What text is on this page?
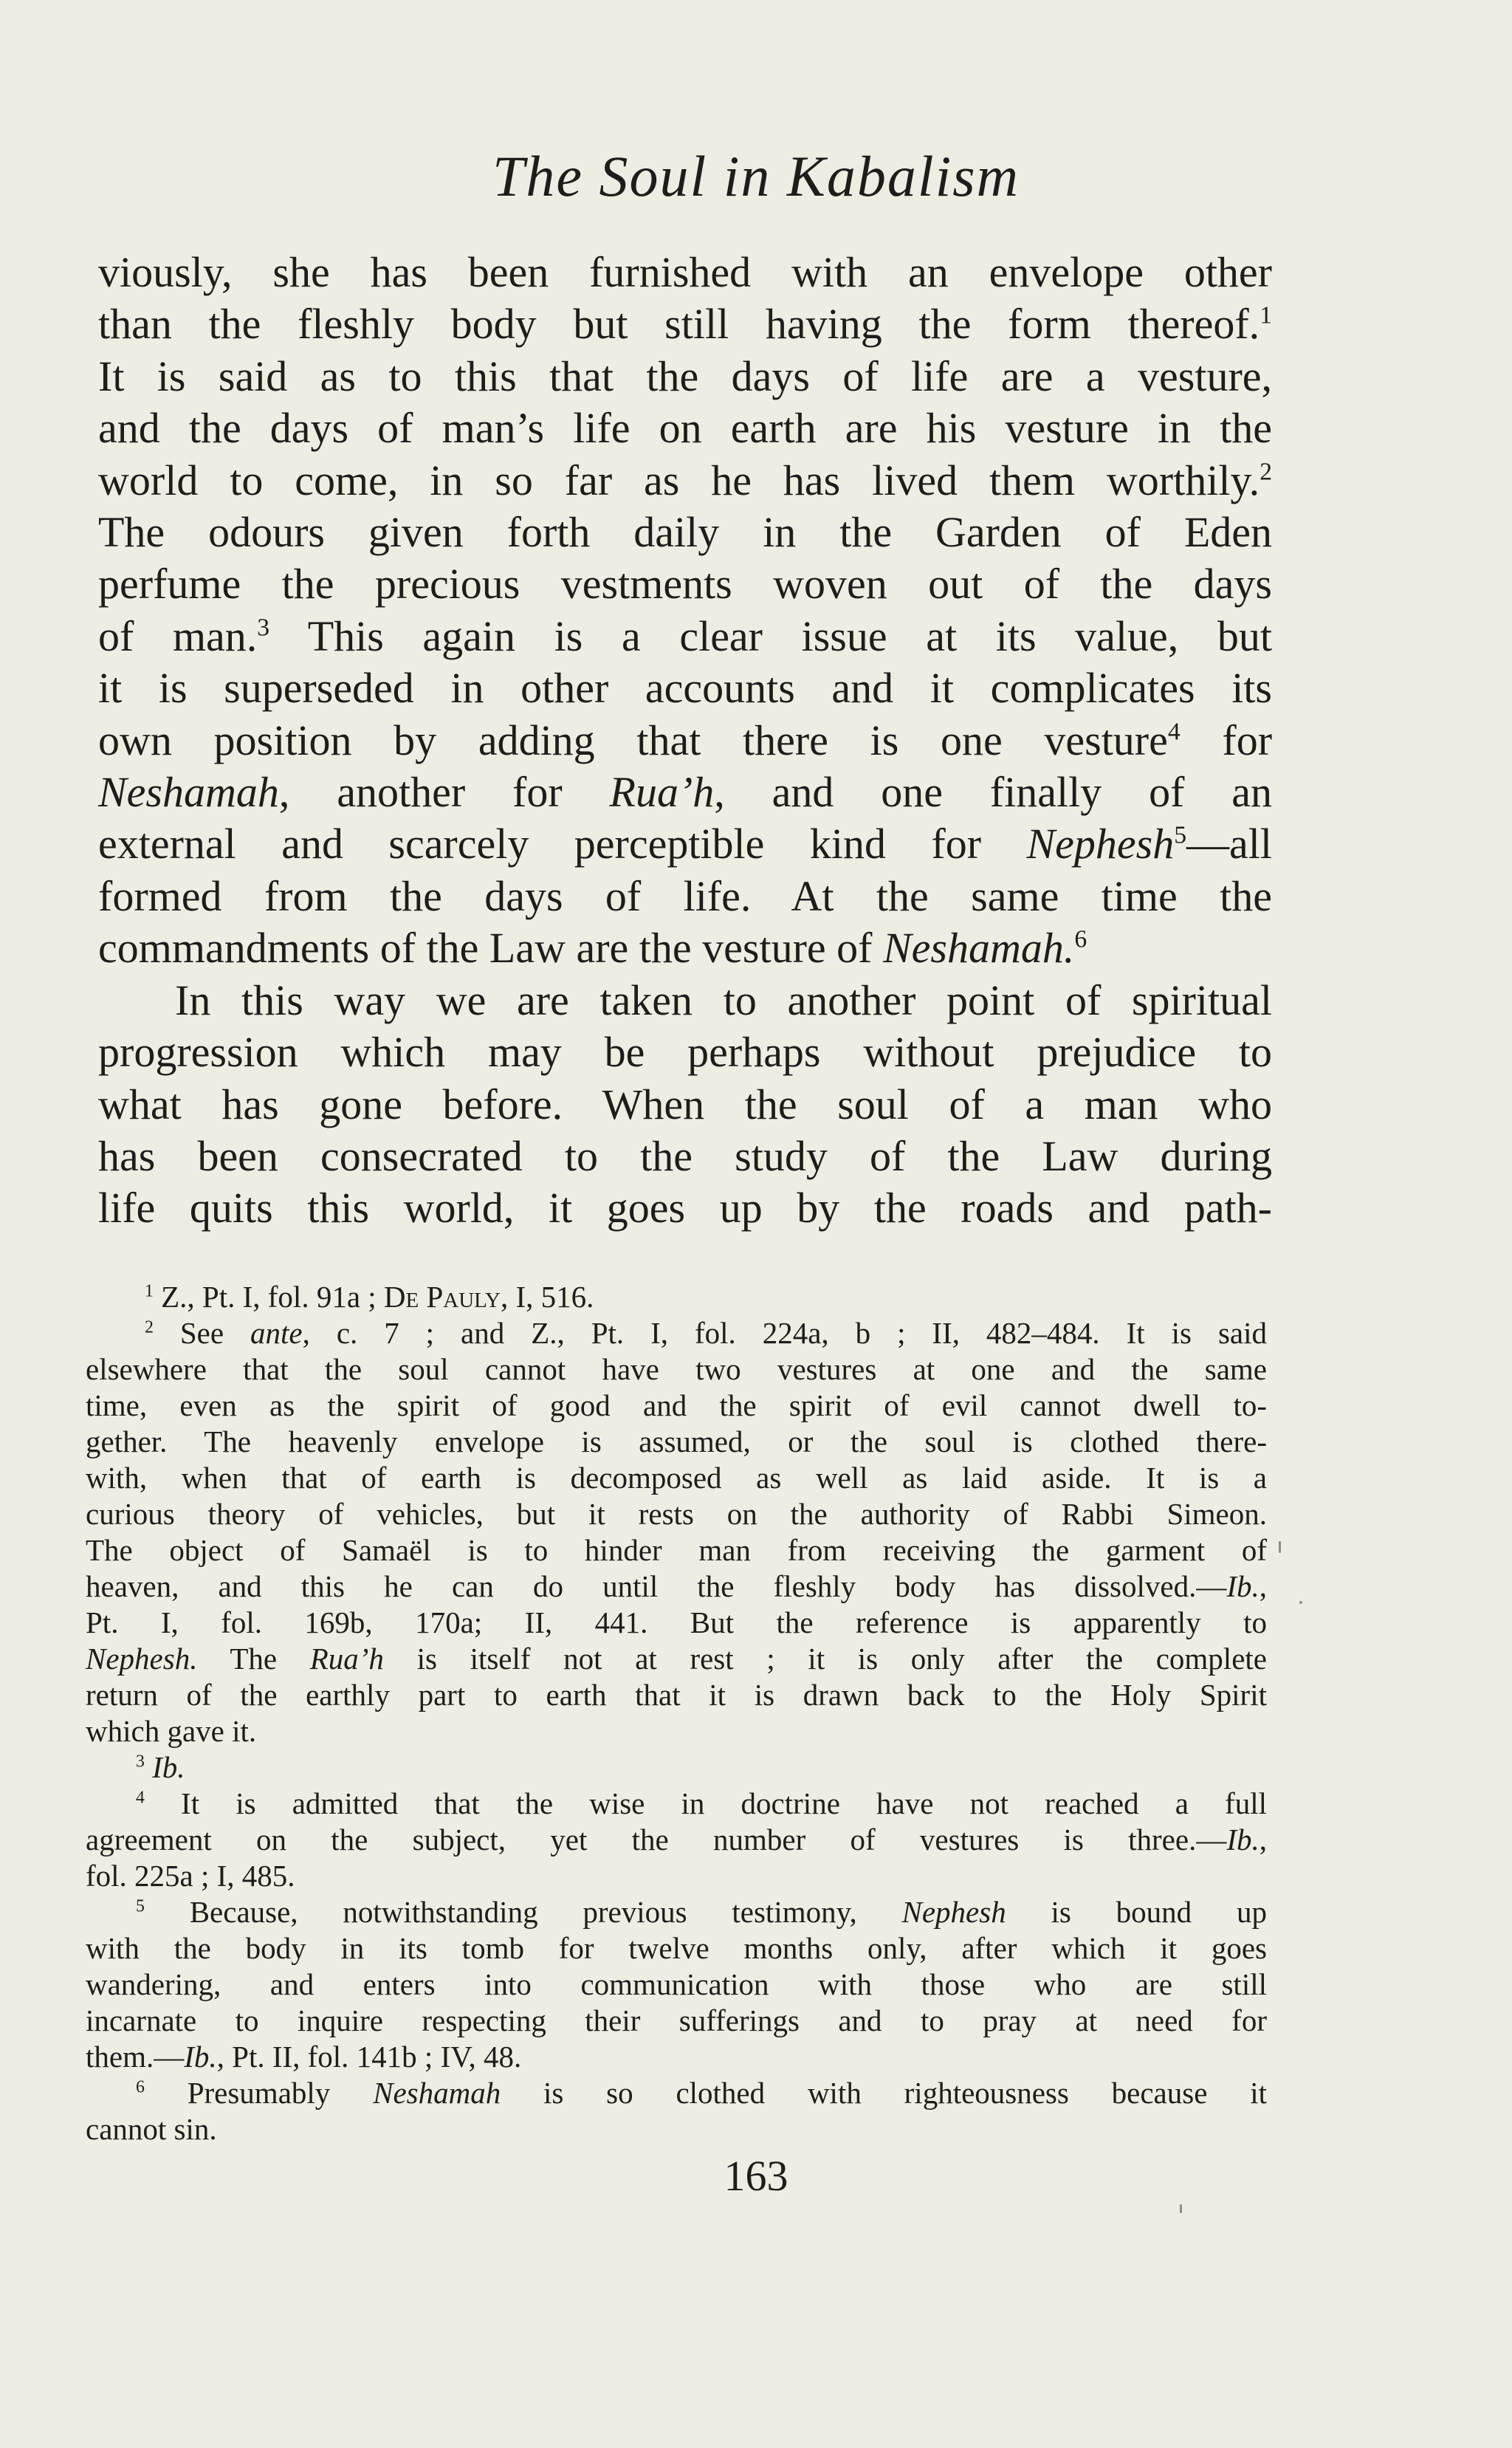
The Soul in Kabalism
viously, she has been furnished with an envelope other
than the fleshly body but still having the form thereof.$^1$
It is said as to this that the days of life are a vesture,
and the days of man’s life on earth are his vesture in the
world to come, in so far as he has lived them worthily.$^2$
The odours given forth daily in the Garden of Eden
perfume the precious vestments woven out of the days
of man.$^3$ This again is a clear issue at its value, but
it is superseded in other accounts and it complicates its
own position by adding that there is one vesture$^4$ for
Neshamah, another for Rua’h, and one finally of an
external and scarcely perceptible kind for Nephesh$^5$—all
formed from the days of life. At the same time the
commandments of the Law are the vesture of Neshamah.$^6$
In this way we are taken to another point of spiritual
progression which may be perhaps without prejudice to
what has gone before. When the soul of a man who
has been consecrated to the study of the Law during
life quits this world, it goes up by the roads and path-
$^1$ Z., Pt. I, fol. 91a ; De Pauly, I, 516.
$^2$ See ante, c. 7 ; and Z., Pt. I, fol. 224a, b ; II, 482–484. It is said
elsewhere that the soul cannot have two vestures at one and the same
time, even as the spirit of good and the spirit of evil cannot dwell to-
gether. The heavenly envelope is assumed, or the soul is clothed there-
with, when that of earth is decomposed as well as laid aside. It is a
curious theory of vehicles, but it rests on the authority of Rabbi Simeon.
The object of Samaël is to hinder man from receiving the garment of
heaven, and this he can do until the fleshly body has dissolved.—Ib.,
Pt. I, fol. 169b, 170a; II, 441. But the reference is apparently to
Nephesh. The Rua’h is itself not at rest ; it is only after the complete
return of the earthly part to earth that it is drawn back to the Holy Spirit
which gave it.
$^3$ Ib.
$^4$ It is admitted that the wise in doctrine have not reached a full
agreement on the subject, yet the number of vestures is three.—Ib.,
fol. 225a ; I, 485.
$^5$ Because, notwithstanding previous testimony, Nephesh is bound up
with the body in its tomb for twelve months only, after which it goes
wandering, and enters into communication with those who are still
incarnate to inquire respecting their sufferings and to pray at need for
them.—Ib., Pt. II, fol. 141b ; IV, 48.
$^6$ Presumably Neshamah is so clothed with righteousness because it
cannot sin.
163
